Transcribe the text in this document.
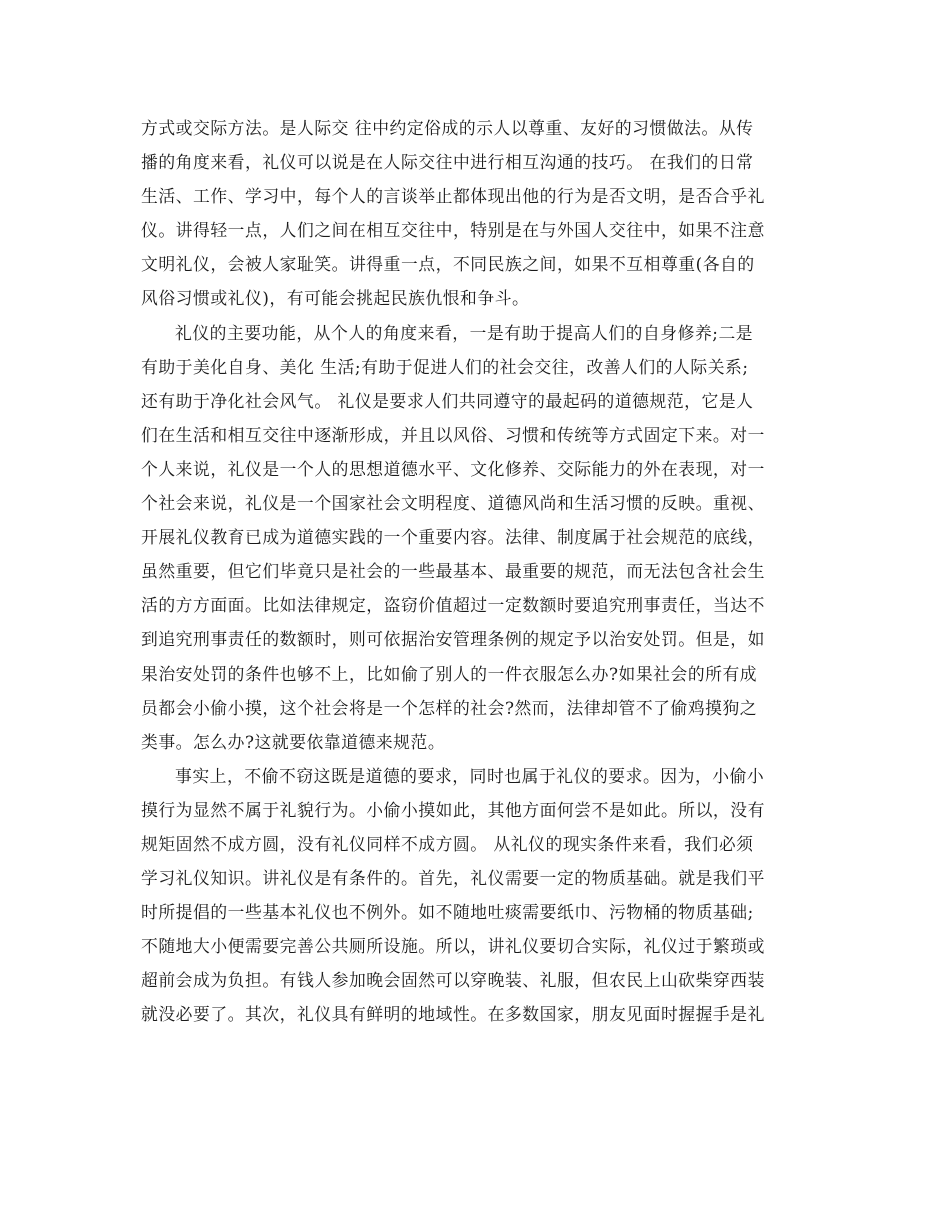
方式或交际方法。是人际交 往中约定俗成的示人以尊重、友好的习惯做法。从传
播的角度来看，礼仪可以说是在人际交往中进行相互沟通的技巧。 在我们的日常
生活、工作、学习中，每个人的言谈举止都体现出他的行为是否文明，是否合乎礼
仪。讲得轻一点，人们之间在相互交往中，特别是在与外国人交往中，如果不注意
文明礼仪，会被人家耻笑。讲得重一点，不同民族之间，如果不互相尊重(各自的
风俗习惯或礼仪)，有可能会挑起民族仇恨和争斗。
礼仪的主要功能，从个人的角度来看，一是有助于提高人们的自身修养;二是
有助于美化自身、美化 生活;有助于促进人们的社会交往，改善人们的人际关系;
还有助于净化社会风气。 礼仪是要求人们共同遵守的最起码的道德规范，它是人
们在生活和相互交往中逐渐形成，并且以风俗、习惯和传统等方式固定下来。对一
个人来说，礼仪是一个人的思想道德水平、文化修养、交际能力的外在表现，对一
个社会来说，礼仪是一个国家社会文明程度、道德风尚和生活习惯的反映。重视、
开展礼仪教育已成为道德实践的一个重要内容。法律、制度属于社会规范的底线，
虽然重要，但它们毕竟只是社会的一些最基本、最重要的规范，而无法包含社会生
活的方方面面。比如法律规定，盗窃价值超过一定数额时要追究刑事责任，当达不
到追究刑事责任的数额时，则可依据治安管理条例的规定予以治安处罚。但是，如
果治安处罚的条件也够不上，比如偷了别人的一件衣服怎么办?如果社会的所有成
员都会小偷小摸，这个社会将是一个怎样的社会?然而，法律却管不了偷鸡摸狗之
类事。怎么办?这就要依靠道德来规范。
事实上，不偷不窃这既是道德的要求，同时也属于礼仪的要求。因为，小偷小
摸行为显然不属于礼貌行为。小偷小摸如此，其他方面何尝不是如此。所以，没有
规矩固然不成方圆，没有礼仪同样不成方圆。 从礼仪的现实条件来看，我们必须
学习礼仪知识。讲礼仪是有条件的。首先，礼仪需要一定的物质基础。就是我们平
时所提倡的一些基本礼仪也不例外。如不随地吐痰需要纸巾、污物桶的物质基础;
不随地大小便需要完善公共厕所设施。所以，讲礼仪要切合实际，礼仪过于繁琐或
超前会成为负担。有钱人参加晚会固然可以穿晚装、礼服，但农民上山砍柴穿西装
就没必要了。其次，礼仪具有鲜明的地域性。在多数国家，朋友见面时握握手是礼
